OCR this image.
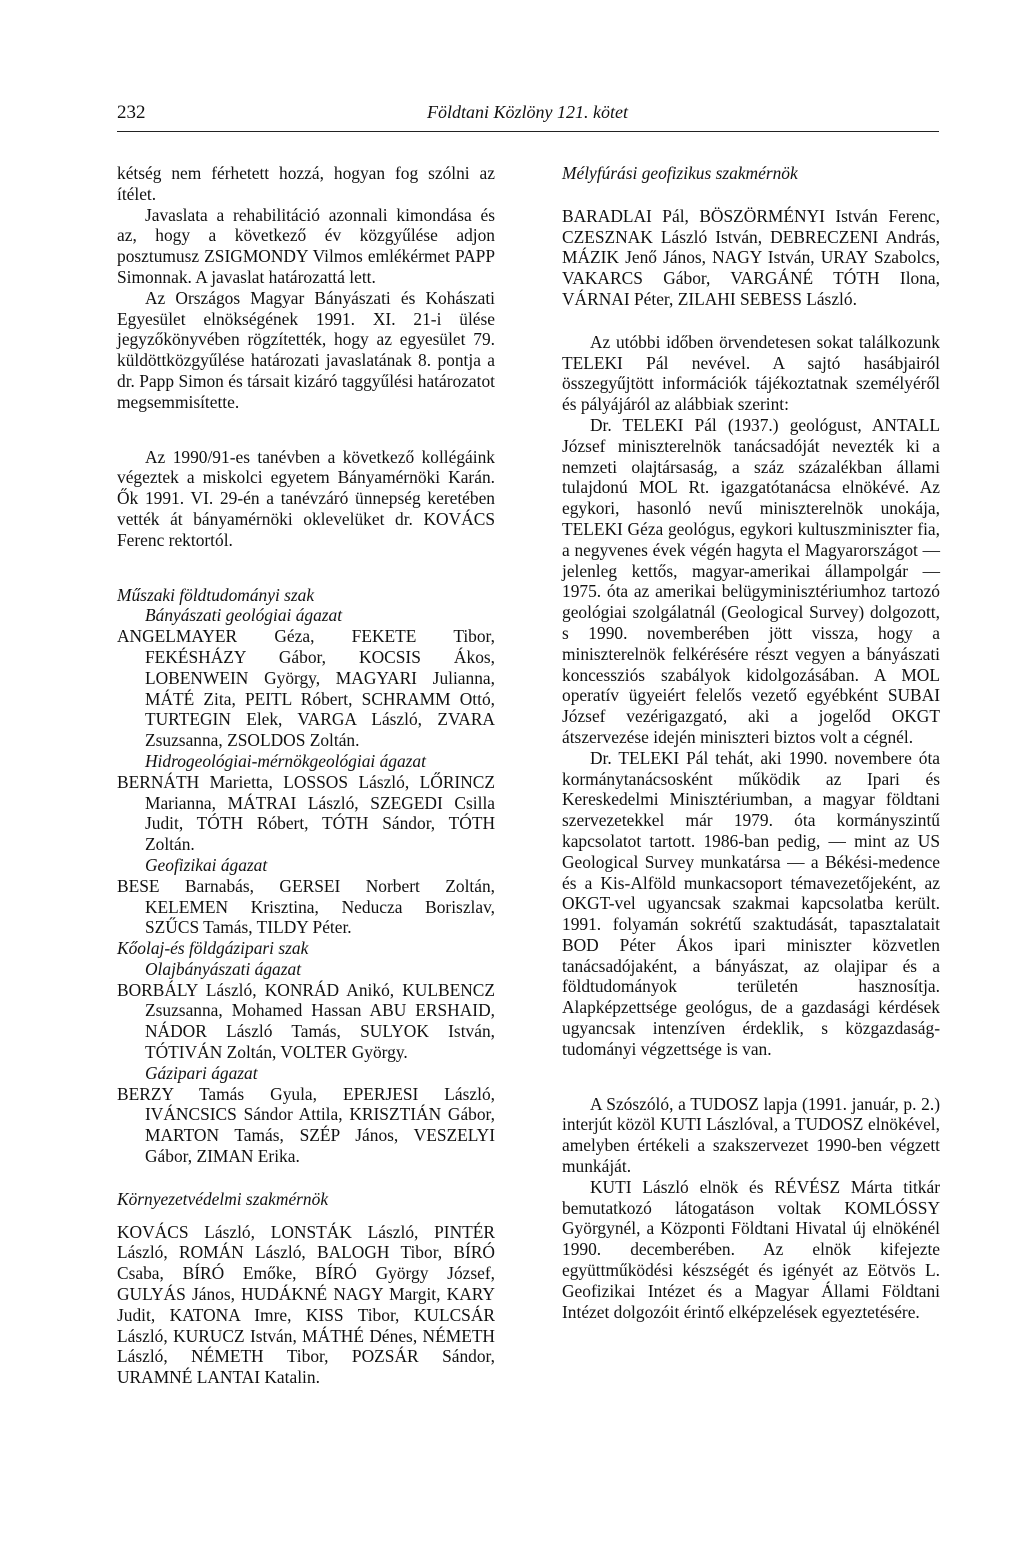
232	Földtani Közlöny 121. kötet

kétség nem férhetett hozzá, hogyan fog szólni az ítélet.

Javaslata a rehabilitáció azonnali kimondása és az, hogy a következő év közgyűlése adjon posztumusz ZSIGMONDY Vilmos emlékérmet PAPP Simonnak. A javaslat határozattá lett.

Az Országos Magyar Bányászati és Kohászati Egyesület elnökségének 1991. XI. 21-i ülése jegyzőkönyvében rögzítették, hogy az egyesület 79. küldöttközgyűlése határozati javaslatának 8. pontja a dr. Papp Simon és társait kizáró taggyűlési határozatot megsemmisítette.

Az 1990/91-es tanévben a következő kollégáink végeztek a miskolci egyetem Bányamérnöki Karán. Ők 1991. VI. 29-én a tanévzáró ünnepség keretében vették át bányamérnöki oklevelüket dr. KOVÁCS Ferenc rektortól.

Műszaki földtudományi szak

Bányászati geológiai ágazat

ANGELMAYER Géza, FEKETE Tibor, FEKÉSHÁZY Gábor, KOCSIS Ákos, LOBENWEIN György, MAGYARI Julianna, MÁTÉ Zita, PEITL Róbert, SCHRAMM Ottó, TURTEGIN Elek, VARGA László, ZVARA Zsuzsanna, ZSOLDOS Zoltán.

Hidrogeológiai-mérnökgeológiai ágazat

BERNÁTH Marietta, LOSSOS László, LŐRINCZ Marianna, MÁTRAI László, SZEGEDI Csilla Judit, TÓTH Róbert, TÓTH Sándor, TÓTH Zoltán.

Geofizikai ágazat

BESE Barnabás, GERSEI Norbert Zoltán, KELEMEN Krisztina, Neducza Boriszlav, SZŰCS Tamás, TILDY Péter.

Kőolaj-és földgázipari szak

Olajbányászati ágazat

BORBÁLY László, KONRÁD Anikó, KULBENCZ Zsuzsanna, Mohamed Hassan ABU ERSHAID, NÁDOR László Tamás, SULYOK István, TÓTIVÁN Zoltán, VOLTER György.

Gázipari ágazat

BERZY Tamás Gyula, EPERJESI László, IVÁNCSICS Sándor Attila, KRISZTIÁN Gábor, MARTON Tamás, SZÉP János, VESZELYI Gábor, ZIMAN Erika.

Környezetvédelmi szakmérnök

KOVÁCS László, LONSTÁK László, PINTÉR László, ROMÁN László, BALOGH Tibor, BÍRÓ Csaba, BÍRÓ Emőke, BÍRÓ György József, GULYÁS János, HUDÁKNÉ NAGY Margit, KARY Judit, KATONA Imre, KISS Tibor, KULCSÁR László, KURUCZ István, MÁTHÉ Dénes, NÉMETH László, NÉMETH Tibor, POZSÁR Sándor, URAMNÉ LANTAI Katalin.

Mélyfúrási geofizikus szakmérnök

BARADLAI Pál, BÖSZÖRMÉNYI István Ferenc, CZESZNAK László István, DEBRECZENI András, MÁZIK Jenő János, NAGY István, URAY Szabolcs, VAKARCS Gábor, VARGÁNÉ TÓTH Ilona, VÁRNAI Péter, ZILAHI SEBESS László.

Az utóbbi időben örvendetesen sokat találkozunk TELEKI Pál nevével. A sajtó hasábjairól összegyűjtött információk tájékoztatnak személyéről és pályájáról az alábbiak szerint:

Dr. TELEKI Pál (1937.) geológust, ANTALL József miniszterelnök tanácsadóját nevezték ki a nemzeti olajtársaság, a száz százalékban állami tulajdonú MOL Rt. igazgatótanácsa elnökévé. Az egykori, hasonló nevű miniszterelnök unokája, TELEKI Géza geológus, egykori kultuszminiszter fia, a negyvenes évek végén hagyta el Magyarországot — jelenleg kettős, magyar-amerikai állampolgár — 1975. óta az amerikai belügyminisztériumhoz tartozó geológiai szolgálatnál (Geological Survey) dolgozott, s 1990. novemberében jött vissza, hogy a miniszterelnök felkérésére részt vegyen a bányászati koncessziós szabályok kidolgozásában. A MOL operatív ügyeiért felelős vezető egyébként SUBAI József vezérigazgató, aki a jogelőd OKGT átszervezése idején miniszteri biztos volt a cégnél.

Dr. TELEKI Pál tehát, aki 1990. novembere óta kormánytanácsosként működik az Ipari és Kereskedelmi Minisztériumban, a magyar földtani szervezetekkel már 1979. óta kormányszintű kapcsolatot tartott. 1986-ban pedig, — mint az US Geological Survey munkatársa — a Békési-medence és a Kis-Alföld munkacsoport témavezetőjeként, az OKGT-vel ugyancsak szakmai kapcsolatba került. 1991. folyamán sokrétű szaktudását, tapasztalatait BOD Péter Ákos ipari miniszter közvetlen tanácsadójaként, a bányászat, az olajipar és a földtudományok területén hasznosítja. Alapképzettsége geológus, de a gazdasági kérdések ugyancsak intenzíven érdeklik, s közgazdaság-tudományi végzettsége is van.

A Szószóló, a TUDOSZ lapja (1991. január, p. 2.) interjút közöl KUTI Lászlóval, a TUDOSZ elnökével, amelyben értékeli a szakszervezet 1990-ben végzett munkáját.

KUTI László elnök és RÉVÉSZ Márta titkár bemutatkozó látogatáson voltak KOMLÓSSY Györgynél, a Központi Földtani Hivatal új elnökénél 1990. decemberében. Az elnök kifejezte együttműködési készségét és igényét az Eötvös L. Geofizikai Intézet és a Magyar Állami Földtani Intézet dolgozóit érintő elképzelések egyeztetésére.
